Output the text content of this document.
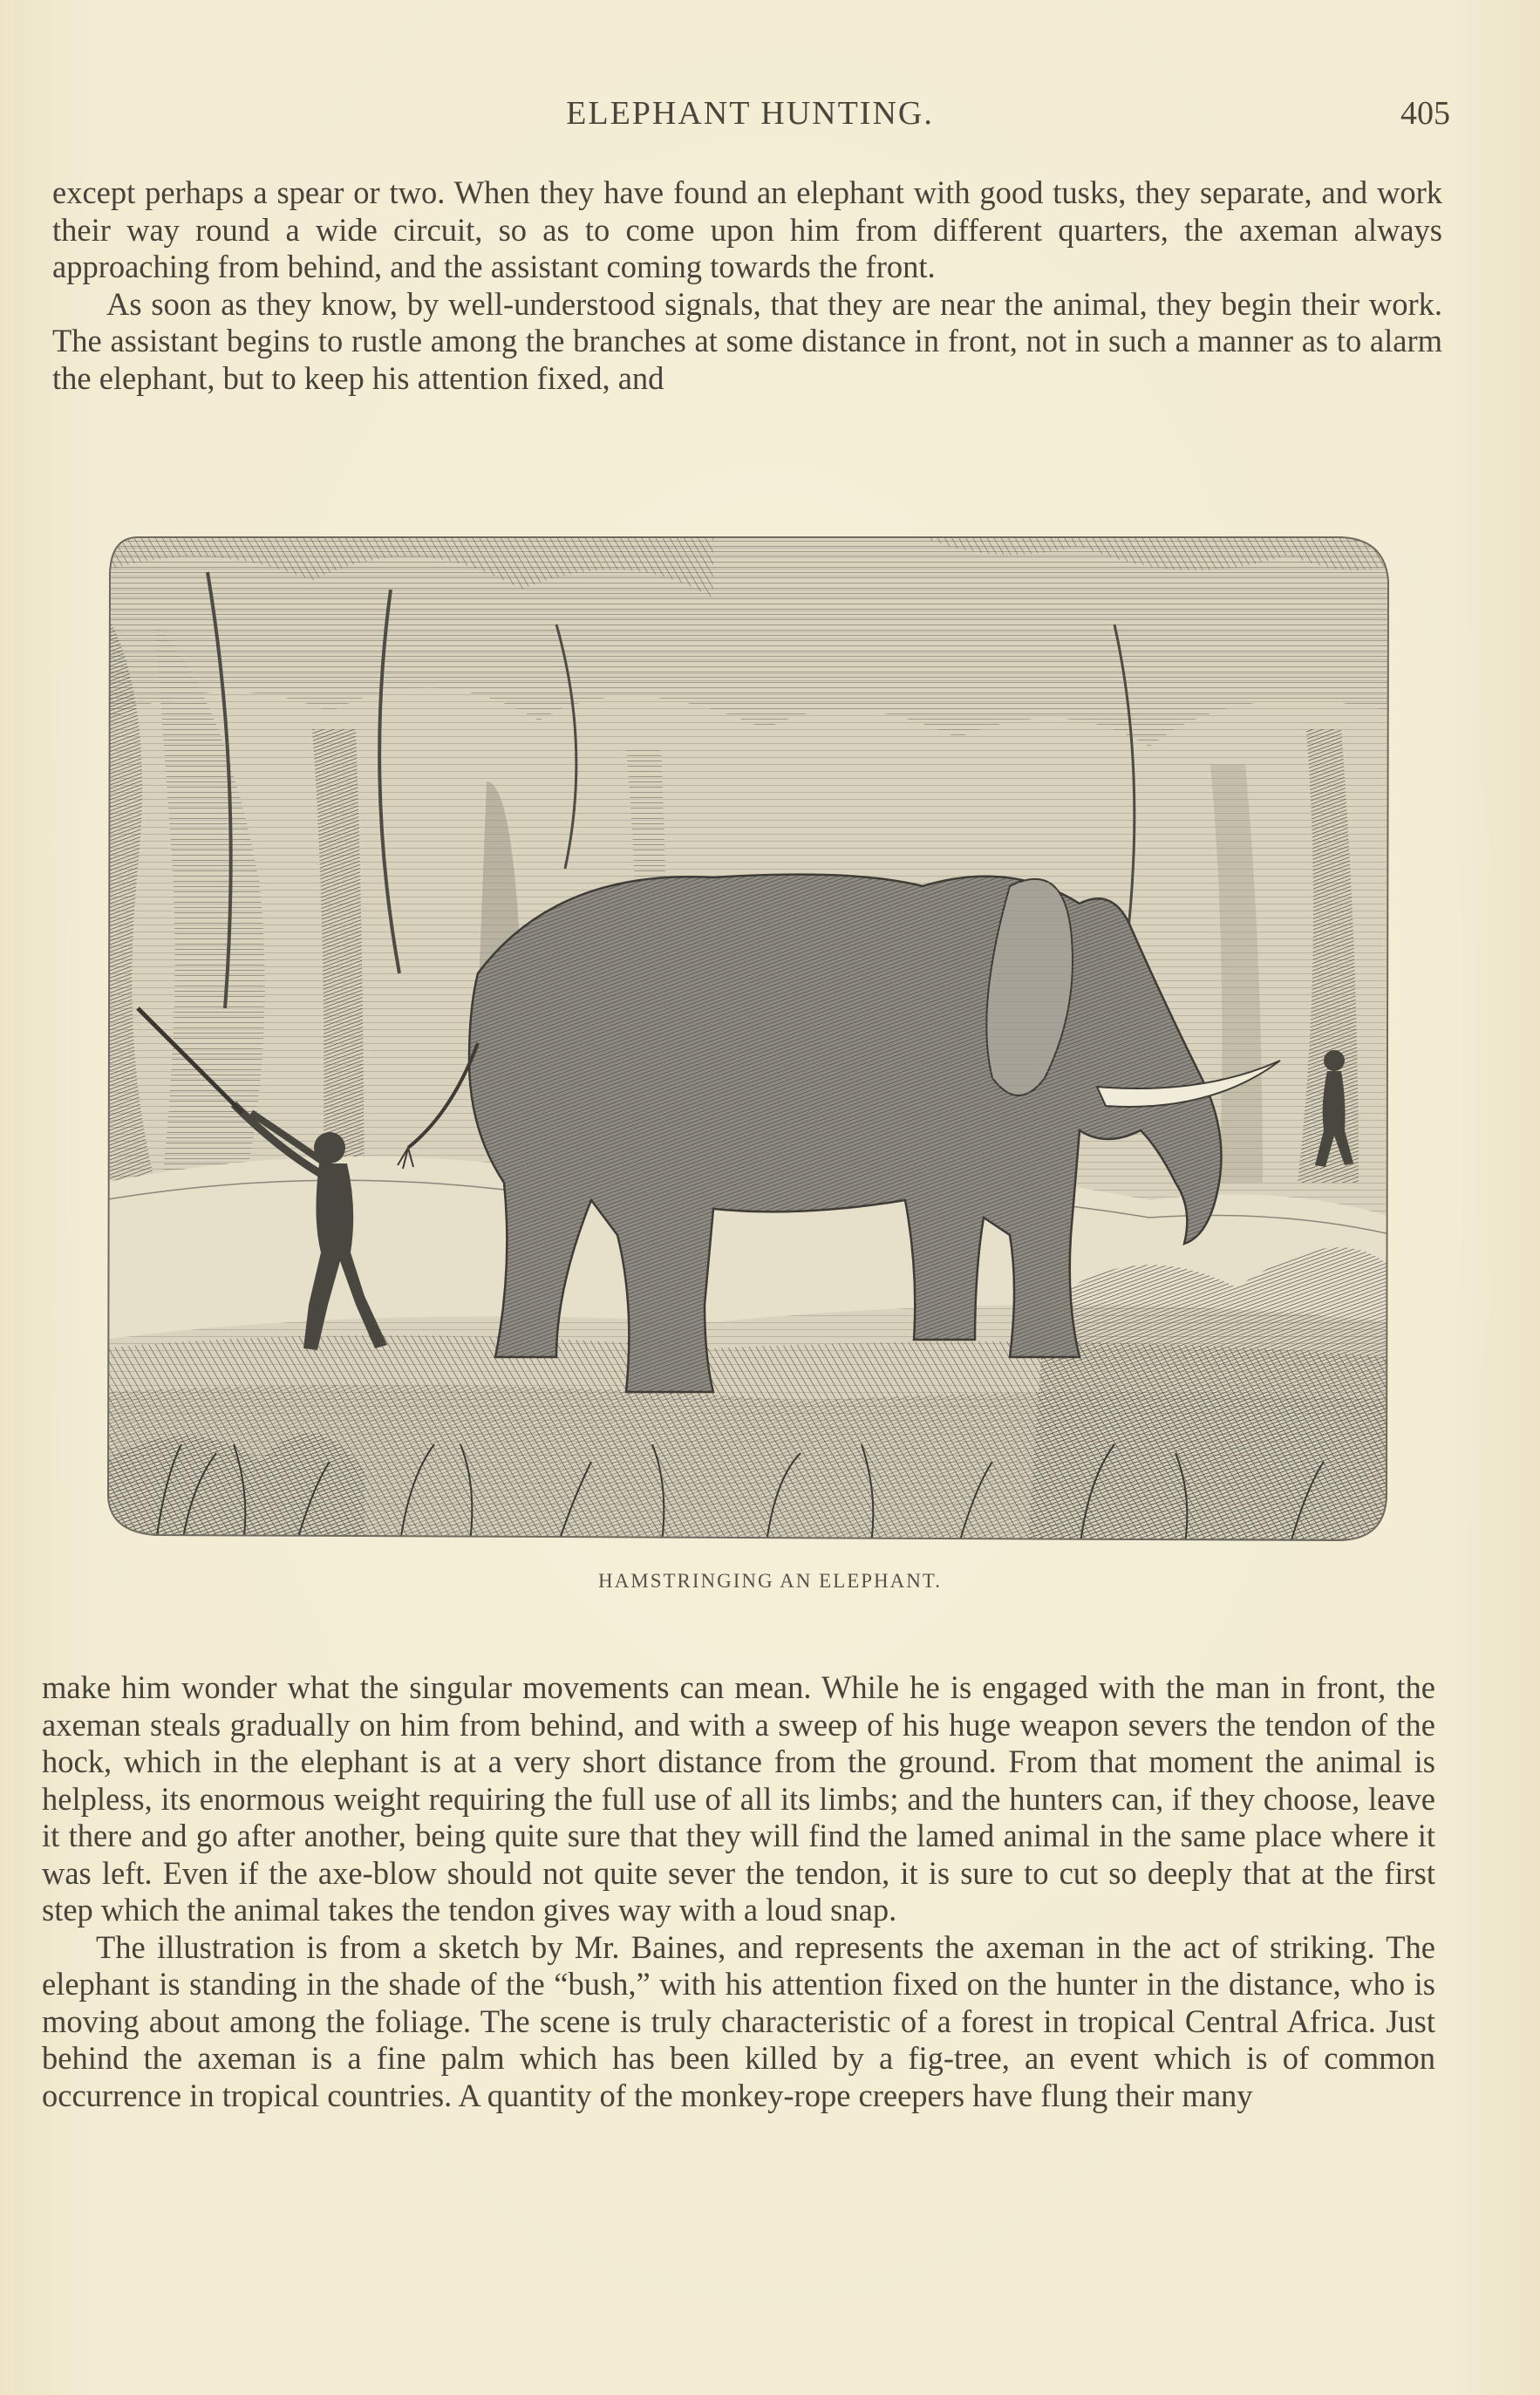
ELEPHANT HUNTING.	405

except perhaps a spear or two. When they have found an elephant with good tusks, they separate, and work their way round a wide circuit, so as to come upon him from different quarters, the axeman always approaching from behind, and the assistant coming towards the front.

As soon as they know, by well-understood signals, that they are near the animal, they begin their work. The assistant begins to rustle among the branches at some distance in front, not in such a manner as to alarm the elephant, but to keep his attention fixed, and

HAMSTRINGING AN ELEPHANT.

make him wonder what the singular movements can mean. While he is engaged with the man in front, the axeman steals gradually on him from behind, and with a sweep of his huge weapon severs the tendon of the hock, which in the elephant is at a very short distance from the ground. From that moment the animal is helpless, its enormous weight requiring the full use of all its limbs; and the hunters can, if they choose, leave it there and go after another, being quite sure that they will find the lamed animal in the same place where it was left. Even if the axe-blow should not quite sever the tendon, it is sure to cut so deeply that at the first step which the animal takes the tendon gives way with a loud snap.

The illustration is from a sketch by Mr. Baines, and represents the axeman in the act of striking. The elephant is standing in the shade of the “bush,” with his attention fixed on the hunter in the distance, who is moving about among the foliage. The scene is truly characteristic of a forest in tropical Central Africa. Just behind the axeman is a fine palm which has been killed by a fig-tree, an event which is of common occurrence in tropical countries. A quantity of the monkey-rope creepers have flung their many
